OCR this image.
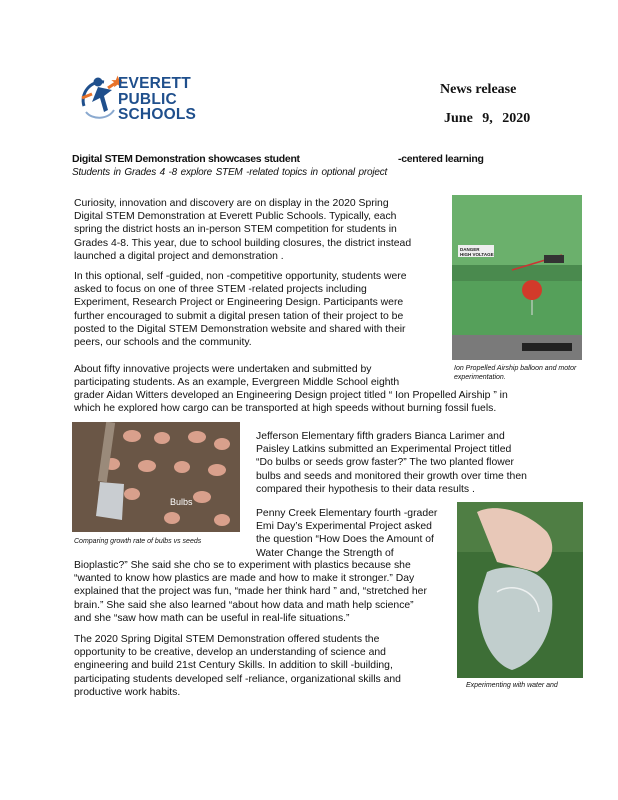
EVERETT
PUBLIC
SCHOOLS
News release
June 9, 2020
Digital STEM Demonstration showcases student	-centered learning
Students in Grades 4 -8 explore STEM -related topics in optional project
Curiosity, innovation and discovery are on display in the 2020 Spring
Digital STEM Demonstration at Everett Public Schools. Typically, each
spring the district hosts an in-person STEM competition for students in
Grades 4-8. This year, due to school building closures, the district instead
launched a digital project and demonstration .
In this optional, self -guided, non -competitive opportunity, students were
asked to focus on one of three STEM -related projects including
Experiment, Research Project or Engineering Design. Participants were
further encouraged to submit a digital presen tation of their project to be
posted to the Digital STEM Demonstration website and shared with their
peers, our schools and the community.
About fifty innovative projects were undertaken and submitted by
participating students. As an example, Evergreen Middle School eighth
grader Aidan Witters developed an Engineering Design project titled “ Ion Propelled Airship ” in
which he explored how cargo can be transported at high speeds without burning fossil fuels.
Jefferson Elementary fifth graders Bianca Larimer and
Paisley Latkins submitted an Experimental Project titled
“Do bulbs or seeds grow faster?” The two planted flower
bulbs and seeds and monitored their growth over time then
compared their hypothesis to their data results .
Penny Creek Elementary fourth -grader
Emi Day’s Experimental Project asked
the question “How Does the Amount of
Water Change the Strength of
Bioplastic?” She said she cho se to experiment with plastics because she
“wanted to know how plastics are made and how to make it stronger.” Day
explained that the project was fun, “made her think hard ” and, “stretched her
brain.” She said she also learned “about how data and math help science”
and she “saw how math can be useful in real-life situations.”
The 2020 Spring Digital STEM Demonstration offered students the
opportunity to be creative, develop an understanding of science and
engineering and build 21st Century Skills. In addition to skill -building,
participating students developed self -reliance, organizational skills and
productive work habits.
DANGER
HIGH VOLTAGE
Ion Propelled Airship balloon and motor experimentation.
Bulbs
Comparing growth rate of bulbs vs seeds
Experimenting with water and
